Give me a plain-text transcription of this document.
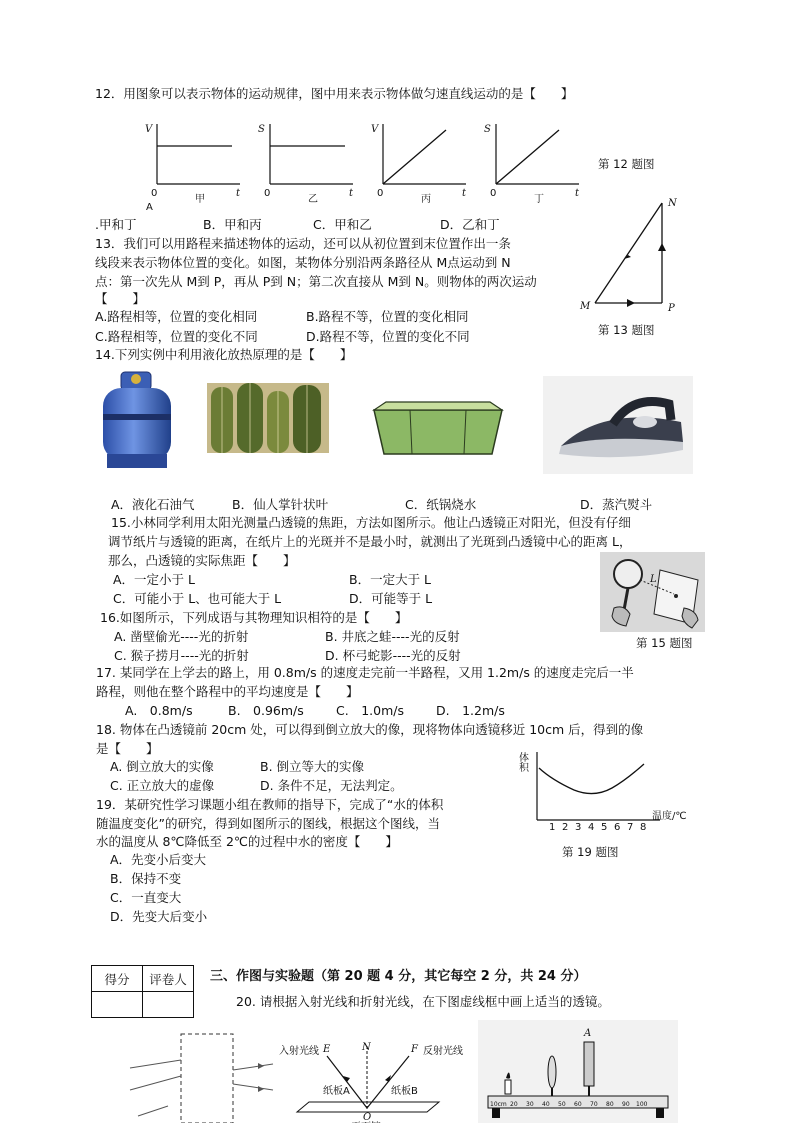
12．用图象可以表示物体的运动规律，图中用来表示物体做匀速直线运动的是【　　】
V
0	t
甲
A
S
0	t
乙
V
0	t
丙
S
0	t
丁
第 12 题图
.甲和丁	B．甲和丙	C．甲和乙	D．乙和丁
13．我们可以用路程来描述物体的运动，还可以从初位置到末位置作出一条
线段来表示物体位置的变化。如图，某物体分别沿两条路径从 M点运动到 N
点：第一次先从 M到 P，再从 P到 N；第二次直接从 M到 N。则物体的两次运动
【　　】
A.路程相等，位置的变化相同	B.路程不等，位置的变化相同
C.路程相等，位置的变化不同	D.路程不等，位置的变化不同
N
M	P
第 13 题图
14.下列实例中利用液化放热原理的是【　　】
A．液化石油气	B．仙人掌针状叶	C．纸锅烧水	D．蒸汽熨斗
15.小林同学利用太阳光测量凸透镜的焦距，方法如图所示。他让凸透镜正对阳光，但没有仔细
调节纸片与透镜的距离，在纸片上的光斑并不是最小时，就测出了光斑到凸透镜中心的距离 L，
那么，凸透镜的实际焦距【　　】
A．一定小于 L	B．一定大于 L
C．可能小于 L、也可能大于 L	D．可能等于 L
L
第 15 题图
16.如图所示，下列成语与其物理知识相符的是【　　】
A. 凿壁偷光----光的折射	B. 井底之蛙----光的反射
C. 猴子捞月----光的折射	D. 杯弓蛇影----光的反射
17. 某同学在上学去的路上，用 0.8m/s 的速度走完前一半路程，又用 1.2m/s 的速度走完后一半
路程，则他在整个路程中的平均速度是【　　】
A.　0.8m/s	B.　0.96m/s	C.　1.0m/s	D.　1.2m/s
18. 物体在凸透镜前 20cm 处，可以得到倒立放大的像，现将物体向透镜移近 10cm 后，得到的像
是【　　】
A. 倒立放大的实像	B. 倒立等大的实像
C. 正立放大的虚像	D. 条件不足，无法判定。
19．某研究性学习课题小组在教师的指导下，完成了“水的体积
随温度变化”的研究，得到如图所示的图线，根据这个图线，当
水的温度从 8℃降低至 2℃的过程中水的密度【　　】
A．先变小后变大
B．保持不变
C．一直变大
D．先变大后变小
体积
1 2 3 4 5 6 7 8
温度/℃
第 19 题图
得分	评卷人
	三、作图与实验题（第 20 题 4 分，其它每空 2 分，共 24 分）
20. 请根据入射光线和折射光线，在下图虚线框中画上适当的透镜。
入射光线	反射光线
E	N	F
纸板A	纸板B
O
A
10cm 20 30 40 50 60 70 80 90 100
